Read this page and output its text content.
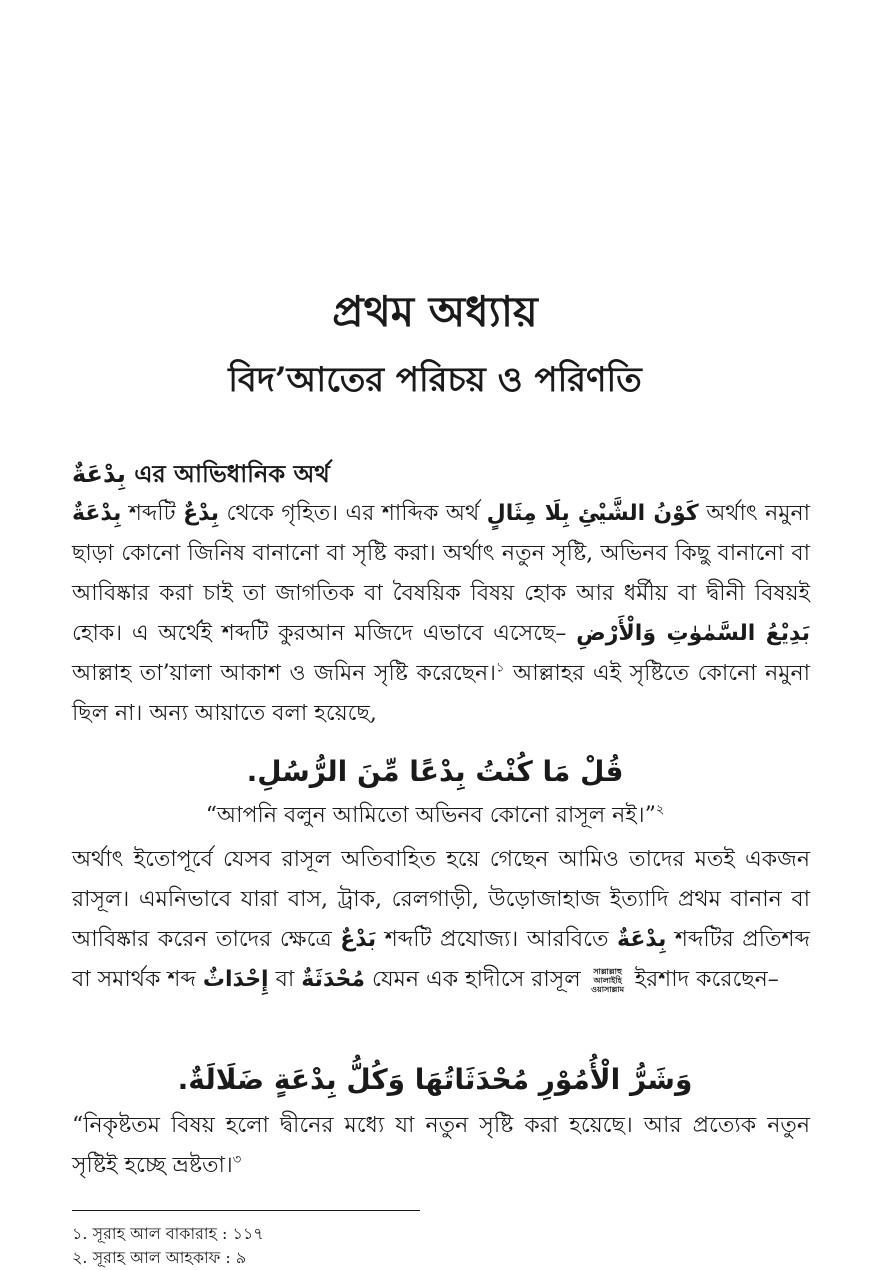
প্রথম অধ্যায়
বিদ’আতের পরিচয় ও পরিণতি
بِدْعَةٌ এর আভিধানিক অর্থ

بِدْعَةٌ শব্দটি بِدْعٌ থেকে গৃহিত। এর শাব্দিক অর্থ كَوْنُ الشَّيْئِ بِلَا مِثَالٍ অর্থাৎ নমুনা ছাড়া কোনো জিনিষ বানানো বা সৃষ্টি করা। অর্থাৎ নতুন সৃষ্টি, অভিনব কিছু বানানো বা আবিষ্কার করা চাই তা জাগতিক বা বৈষয়িক বিষয় হোক আর ধর্মীয় বা দ্বীনী বিষয়ই হোক। এ অর্থেই শব্দটি কুরআন মজিদে এভাবে এসেছে– بَدِيْعُ السَّمٰوٰتِ وَالْأَرْضِ আল্লাহ তা’য়ালা আকাশ ও জমিন সৃষ্টি করেছেন।$^১$ আল্লাহর এই সৃষ্টিতে কোনো নমুনা ছিল না। অন্য আয়াতে বলা হয়েছে,

قُلْ مَا كُنْتُ بِدْعًا مِّنَ الرُّسُلِ.
“আপনি বলুন আমিতো অভিনব কোনো রাসূল নই।”$^২$

অর্থাৎ ইতোপূর্বে যেসব রাসূল অতিবাহিত হয়ে গেছেন আমিও তাদের মতই একজন রাসূল। এমনিভাবে যারা বাস, ট্রাক, রেলগাড়ী, উড়োজাহাজ ইত্যাদি প্রথম বানান বা আবিষ্কার করেন তাদের ক্ষেত্রে بَدْعٌ শব্দটি প্রযোজ্য। আরবিতে بِدْعَةٌ শব্দটির প্রতিশব্দ বা সমার্থক শব্দ إِحْدَاثٌ বা مُحْدَثَةٌ যেমন এক হাদীসে রাসূল সাল্লাল্লাহু আলাইহি ওয়াসাল্লাম ইরশাদ করেছেন–

وَشَرُّ الْأُمُوْرِ مُحْدَثَاتُهَا وَكُلُّ بِدْعَةٍ ضَلَالَةٌ.

“নিকৃষ্টতম বিষয় হলো দ্বীনের মধ্যে যা নতুন সৃষ্টি করা হয়েছে। আর প্রত্যেক নতুন সৃষ্টিই হচ্ছে ভ্রষ্টতা।$^৩$

১. সূরাহ আল বাকারাহ : ১১৭
২. সূরাহ আল আহকাফ : ৯
